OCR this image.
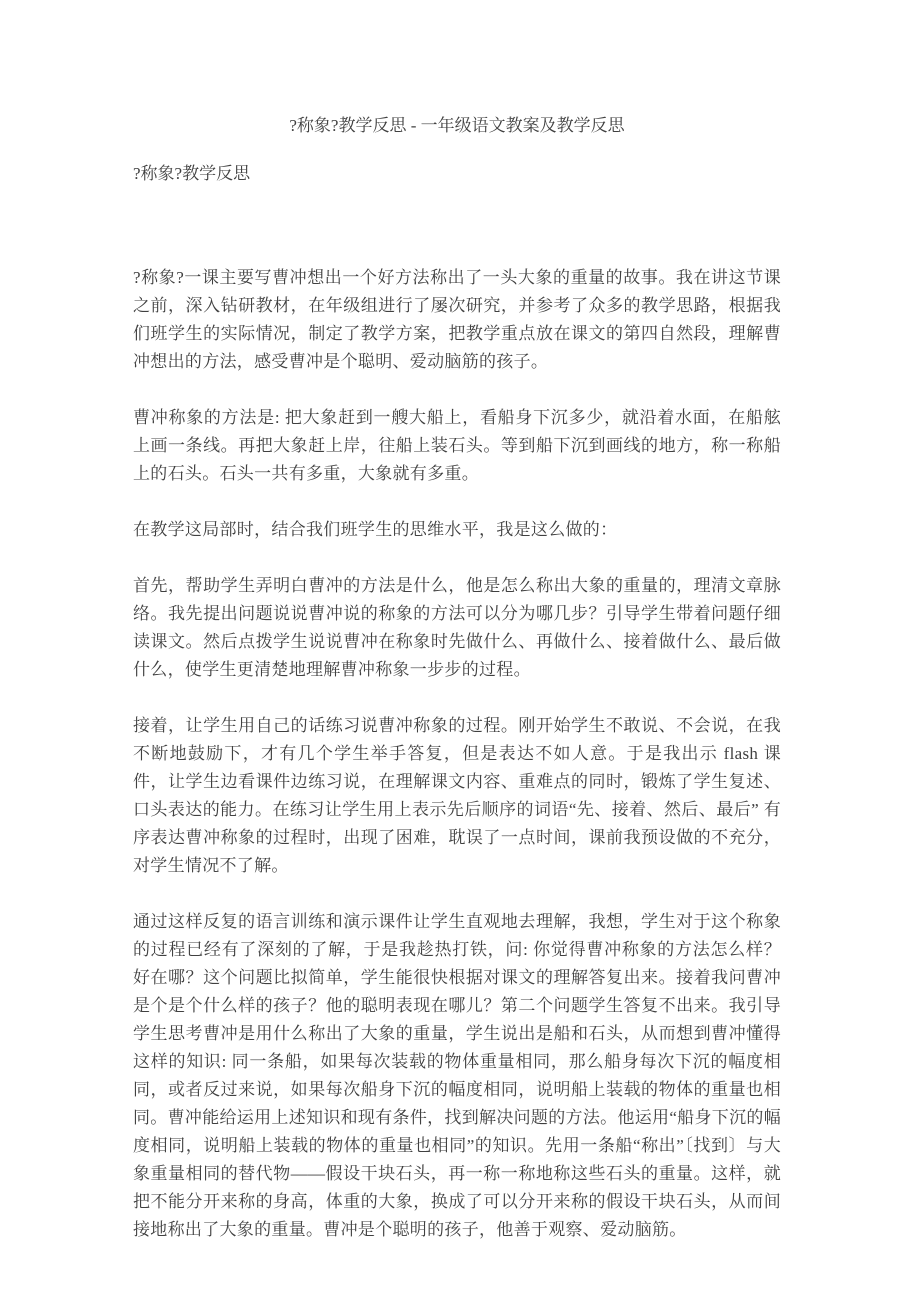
?称象?教学反思 - 一年级语文教案及教学反思

?称象?教学反思

?称象?一课主要写曹冲想出一个好方法称出了一头大象的重量的故事。我在讲这节课之前，深入钻研教材，在年级组进行了屡次研究，并参考了众多的教学思路，根据我们班学生的实际情况，制定了教学方案，把教学重点放在课文的第四自然段，理解曹冲想出的方法，感受曹冲是个聪明、爱动脑筋的孩子。

曹冲称象的方法是: 把大象赶到一艘大船上，看船身下沉多少，就沿着水面，在船舷上画一条线。再把大象赶上岸，往船上装石头。等到船下沉到画线的地方，称一称船上的石头。石头一共有多重，大象就有多重。

在教学这局部时，结合我们班学生的思维水平，我是这么做的：

首先，帮助学生弄明白曹冲的方法是什么，他是怎么称出大象的重量的，理清文章脉络。我先提出问题说说曹冲说的称象的方法可以分为哪几步？引导学生带着问题仔细读课文。然后点拨学生说说曹冲在称象时先做什么、再做什么、接着做什么、最后做什么，使学生更清楚地理解曹冲称象一步步的过程。

接着，让学生用自己的话练习说曹冲称象的过程。刚开始学生不敢说、不会说，在我不断地鼓励下，才有几个学生举手答复，但是表达不如人意。于是我出示 flash 课件，让学生边看课件边练习说，在理解课文内容、重难点的同时，锻炼了学生复述、口头表达的能力。在练习让学生用上表示先后顺序的词语“先、接着、然后、最后” 有序表达曹冲称象的过程时，出现了困难，耽误了一点时间，课前我预设做的不充分，对学生情况不了解。

通过这样反复的语言训练和演示课件让学生直观地去理解，我想，学生对于这个称象的过程已经有了深刻的了解，于是我趁热打铁，问: 你觉得曹冲称象的方法怎么样？好在哪？这个问题比拟简单，学生能很快根据对课文的理解答复出来。接着我问曹冲是个是个什么样的孩子？他的聪明表现在哪儿？第二个问题学生答复不出来。我引导学生思考曹冲是用什么称出了大象的重量，学生说出是船和石头，从而想到曹冲懂得这样的知识: 同一条船，如果每次装载的物体重量相同，那么船身每次下沉的幅度相同，或者反过来说，如果每次船身下沉的幅度相同，说明船上装载的物体的重量也相同。曹冲能给运用上述知识和现有条件，找到解决问题的方法。他运用“船身下沉的幅度相同，说明船上装载的物体的重量也相同”的知识。先用一条船“称出”〔找到〕与大象重量相同的替代物——假设干块石头，再一称一称地称这些石头的重量。这样，就把不能分开来称的身高，体重的大象，换成了可以分开来称的假设干块石头，从而间接地称出了大象的重量。曹冲是个聪明的孩子，他善于观察、爱动脑筋。
